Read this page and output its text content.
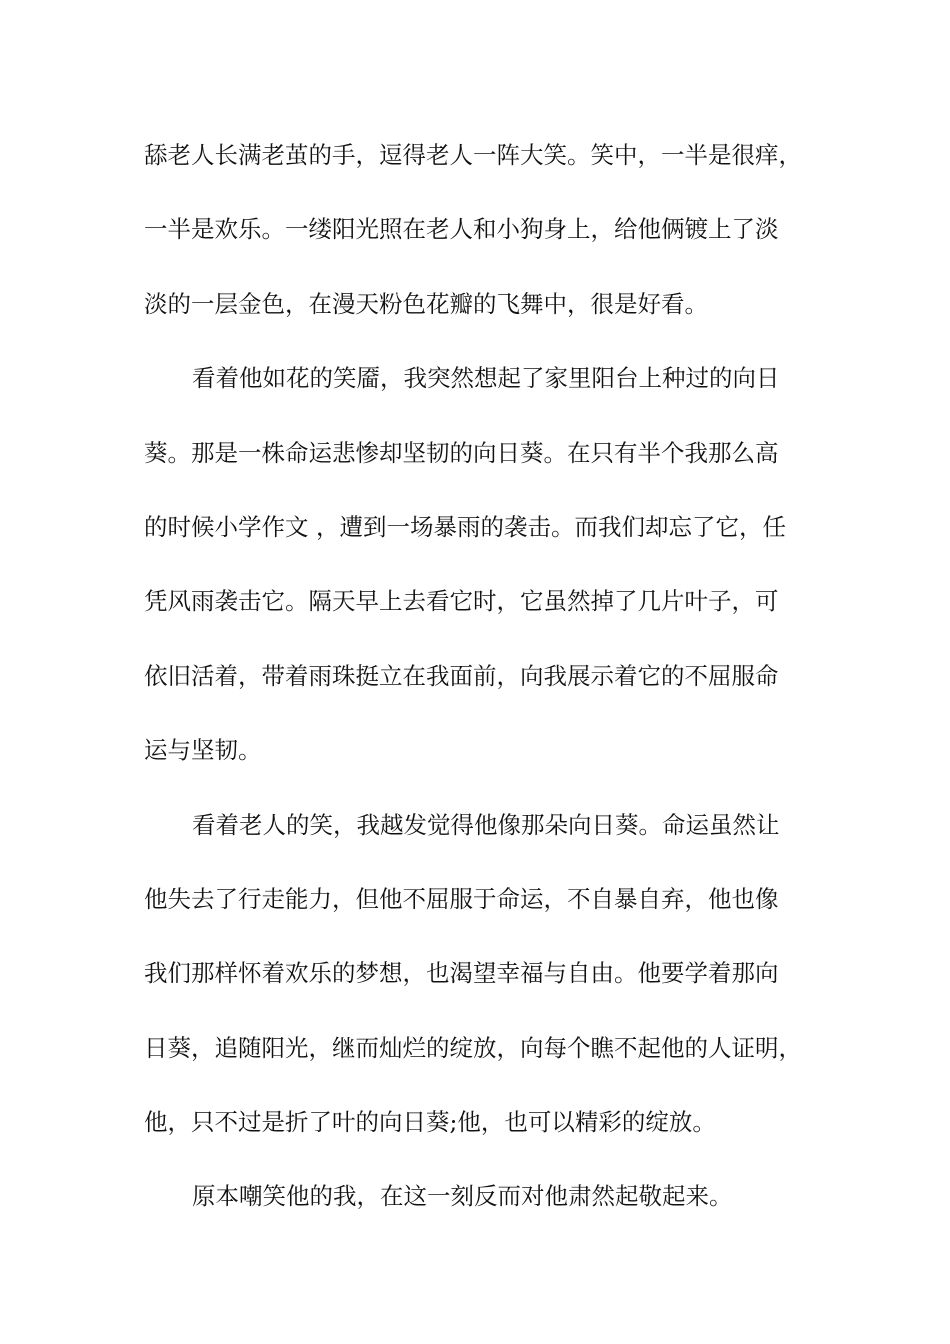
舔老人长满老茧的手，逗得老人一阵大笑。笑中，一半是很痒，
一半是欢乐。一缕阳光照在老人和小狗身上，给他俩镀上了淡
淡的一层金色，在漫天粉色花瓣的飞舞中，很是好看。
看着他如花的笑靥，我突然想起了家里阳台上种过的向日
葵。那是一株命运悲惨却坚韧的向日葵。在只有半个我那么高
的时候小学作文 ，遭到一场暴雨的袭击。而我们却忘了它，任
凭风雨袭击它。隔天早上去看它时，它虽然掉了几片叶子，可
依旧活着，带着雨珠挺立在我面前，向我展示着它的不屈服命
运与坚韧。
看着老人的笑，我越发觉得他像那朵向日葵。命运虽然让
他失去了行走能力，但他不屈服于命运，不自暴自弃，他也像
我们那样怀着欢乐的梦想，也渴望幸福与自由。他要学着那向
日葵，追随阳光，继而灿烂的绽放，向每个瞧不起他的人证明，
他，只不过是折了叶的向日葵;他，也可以精彩的绽放。
原本嘲笑他的我，在这一刻反而对他肃然起敬起来。
